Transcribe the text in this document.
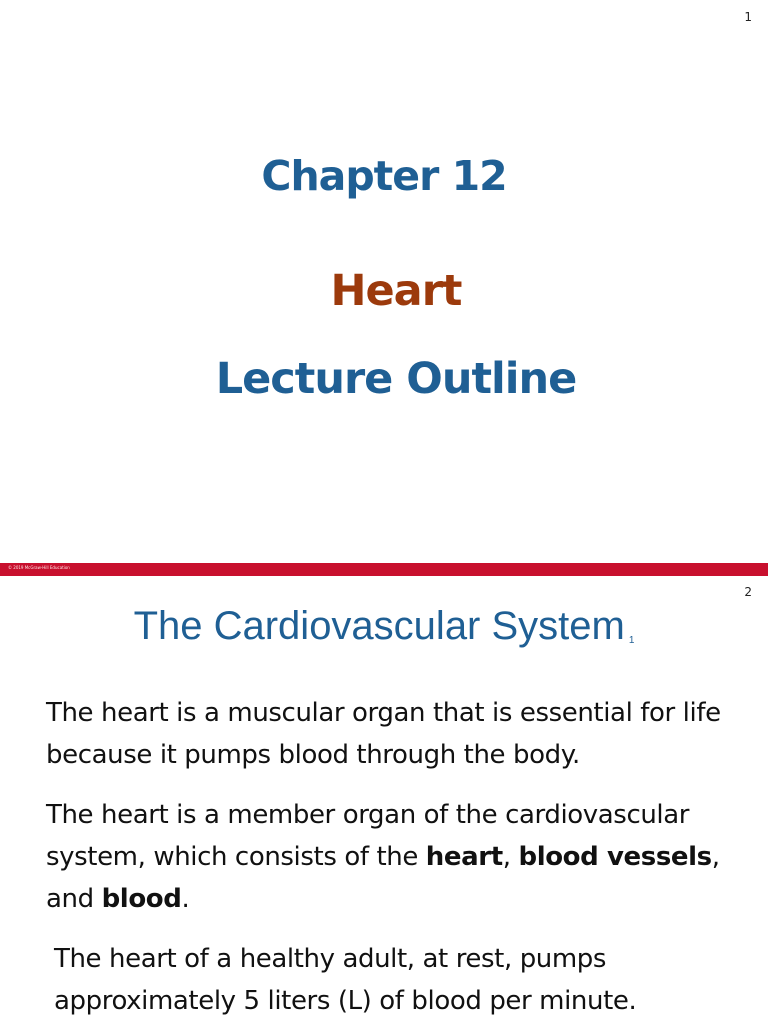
1
Chapter 12
Heart
Lecture Outline
© 2019 McGraw-Hill Education
2
The Cardiovascular System $_1$

The heart is a muscular organ that is essential for life because it pumps blood through the body.

The heart is a member organ of the cardiovascular system, which consists of the heart, blood vessels, and blood.

The heart of a healthy adult, at rest, pumps approximately 5 liters (L) of blood per minute.
